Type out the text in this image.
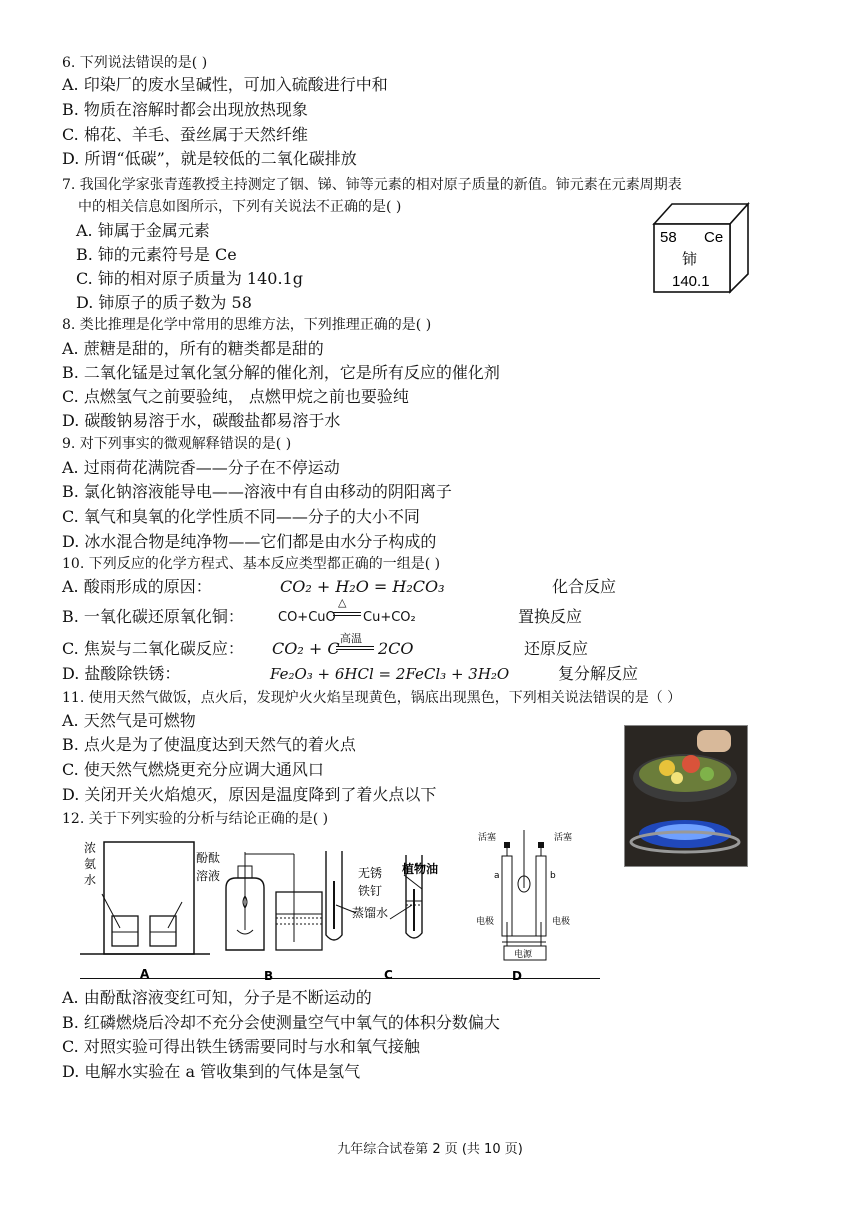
6. 下列说法错误的是( )
A. 印染厂的废水呈碱性，可加入硫酸进行中和
B. 物质在溶解时都会出现放热现象
C. 棉花、羊毛、蚕丝属于天然纤维
D. 所谓“低碳”，就是较低的二氧化碳排放
7. 我国化学家张青莲教授主持测定了铟、锑、铈等元素的相对原子质量的新值。铈元素在元素周期表
中的相关信息如图所示，下列有关说法不正确的是( )
A. 铈属于金属元素
B. 铈的元素符号是 Ce
C. 铈的相对原子质量为 140.1g
D. 铈原子的质子数为 58
58 Ce
铈
140.1
8. 类比推理是化学中常用的思维方法，下列推理正确的是( )
A. 蔗糖是甜的，所有的糖类都是甜的
B. 二氧化锰是过氧化氢分解的催化剂，它是所有反应的催化剂
C. 点燃氢气之前要验纯， 点燃甲烷之前也要验纯
D. 碳酸钠易溶于水，碳酸盐都易溶于水
9. 对下列事实的微观解释错误的是( )
A. 过雨荷花满院香——分子在不停运动
B. 氯化钠溶液能导电——溶液中有自由移动的阴阳离子
C. 氧气和臭氧的化学性质不同——分子的大小不同
D. 冰水混合物是纯净物——它们都是由水分子构成的
10. 下列反应的化学方程式、基本反应类型都正确的一组是( )
A. 酸雨形成的原因：	CO₂ + H₂O = H₂CO₃	化合反应
B. 一氧化碳还原氧化铜：	CO+CuO
△
Cu+CO₂	置换反应
C. 焦炭与二氧化碳反应： CO₂ + C
高温
2CO	还原反应
D. 盐酸除铁锈：	Fe₂O₃ + 6HCl = 2FeCl₃ + 3H₂O	复分解反应
11. 使用天然气做饭，点火后，发现炉火火焰呈现黄色，锅底出现黑色，下列相关说法错误的是（ ）
A. 天然气是可燃物
B. 点火是为了使温度达到天然气的着火点
C. 使天然气燃烧更充分应调大通风口
D. 关闭开关火焰熄灭，原因是温度降到了着火点以下
12. 关于下列实验的分析与结论正确的是( )
浓
氨
水
酚酞
溶液
A	B
无锈
铁钉
蒸馏水
植物油
C
活塞	活塞
a	b
电极	电极
电源
D
A. 由酚酞溶液变红可知，分子是不断运动的
B. 红磷燃烧后冷却不充分会使测量空气中氧气的体积分数偏大
C. 对照实验可得出铁生锈需要同时与水和氧气接触
D. 电解水实验在 a 管收集到的气体是氢气
九年综合试卷第 2 页 (共 10 页)
